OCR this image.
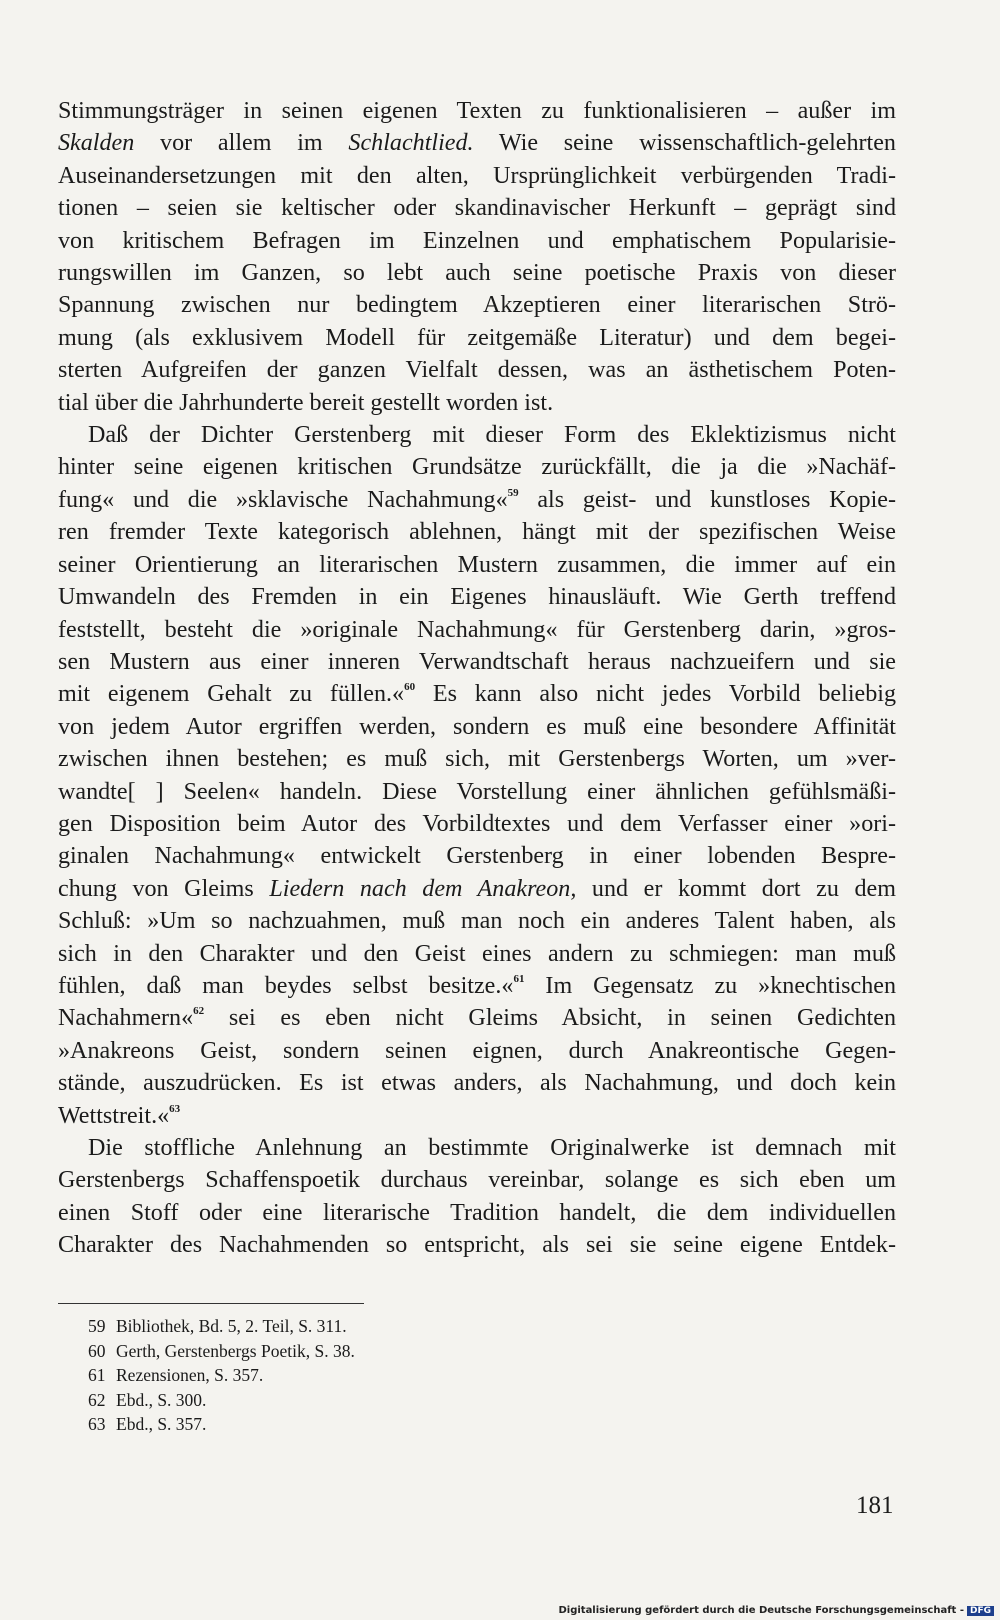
Stimmungsträger in seinen eigenen Texten zu funktionalisieren – außer im
Skalden vor allem im Schlachtlied. Wie seine wissenschaftlich-gelehrten
Auseinandersetzungen mit den alten, Ursprünglichkeit verbürgenden Tradi-
tionen – seien sie keltischer oder skandinavischer Herkunft – geprägt sind
von kritischem Befragen im Einzelnen und emphatischem Popularisie-
rungswillen im Ganzen, so lebt auch seine poetische Praxis von dieser
Spannung zwischen nur bedingtem Akzeptieren einer literarischen Strö-
mung (als exklusivem Modell für zeitgemäße Literatur) und dem begei-
sterten Aufgreifen der ganzen Vielfalt dessen, was an ästhetischem Poten-
tial über die Jahrhunderte bereit gestellt worden ist.
Daß der Dichter Gerstenberg mit dieser Form des Eklektizismus nicht
hinter seine eigenen kritischen Grundsätze zurückfällt, die ja die »Nachäf-
fung« und die »sklavische Nachahmung«$^{59}$ als geist- und kunstloses Kopie-
ren fremder Texte kategorisch ablehnen, hängt mit der spezifischen Weise
seiner Orientierung an literarischen Mustern zusammen, die immer auf ein
Umwandeln des Fremden in ein Eigenes hinausläuft. Wie Gerth treffend
feststellt, besteht die »originale Nachahmung« für Gerstenberg darin, »gros-
sen Mustern aus einer inneren Verwandtschaft heraus nachzueifern und sie
mit eigenem Gehalt zu füllen.«$^{60}$ Es kann also nicht jedes Vorbild beliebig
von jedem Autor ergriffen werden, sondern es muß eine besondere Affinität
zwischen ihnen bestehen; es muß sich, mit Gerstenbergs Worten, um »ver-
wandte[ ] Seelen« handeln. Diese Vorstellung einer ähnlichen gefühlsmäßi-
gen Disposition beim Autor des Vorbildtextes und dem Verfasser einer »ori-
ginalen Nachahmung« entwickelt Gerstenberg in einer lobenden Bespre-
chung von Gleims Liedern nach dem Anakreon, und er kommt dort zu dem
Schluß: »Um so nachzuahmen, muß man noch ein anderes Talent haben, als
sich in den Charakter und den Geist eines andern zu schmiegen: man muß
fühlen, daß man beydes selbst besitze.«$^{61}$ Im Gegensatz zu »knechtischen
Nachahmern«$^{62}$ sei es eben nicht Gleims Absicht, in seinen Gedichten
»Anakreons Geist, sondern seinen eignen, durch Anakreontische Gegen-
stände, auszudrücken. Es ist etwas anders, als Nachahmung, und doch kein
Wettstreit.«$^{63}$
Die stoffliche Anlehnung an bestimmte Originalwerke ist demnach mit
Gerstenbergs Schaffenspoetik durchaus vereinbar, solange es sich eben um
einen Stoff oder eine literarische Tradition handelt, die dem individuellen
Charakter des Nachahmenden so entspricht, als sei sie seine eigene Entdek-
59 Bibliothek, Bd. 5, 2. Teil, S. 311.
60 Gerth, Gerstenbergs Poetik, S. 38.
61 Rezensionen, S. 357.
62 Ebd., S. 300.
63 Ebd., S. 357.
181
Digitalisierung gefördert durch die Deutsche Forschungsgemeinschaft - DFG
